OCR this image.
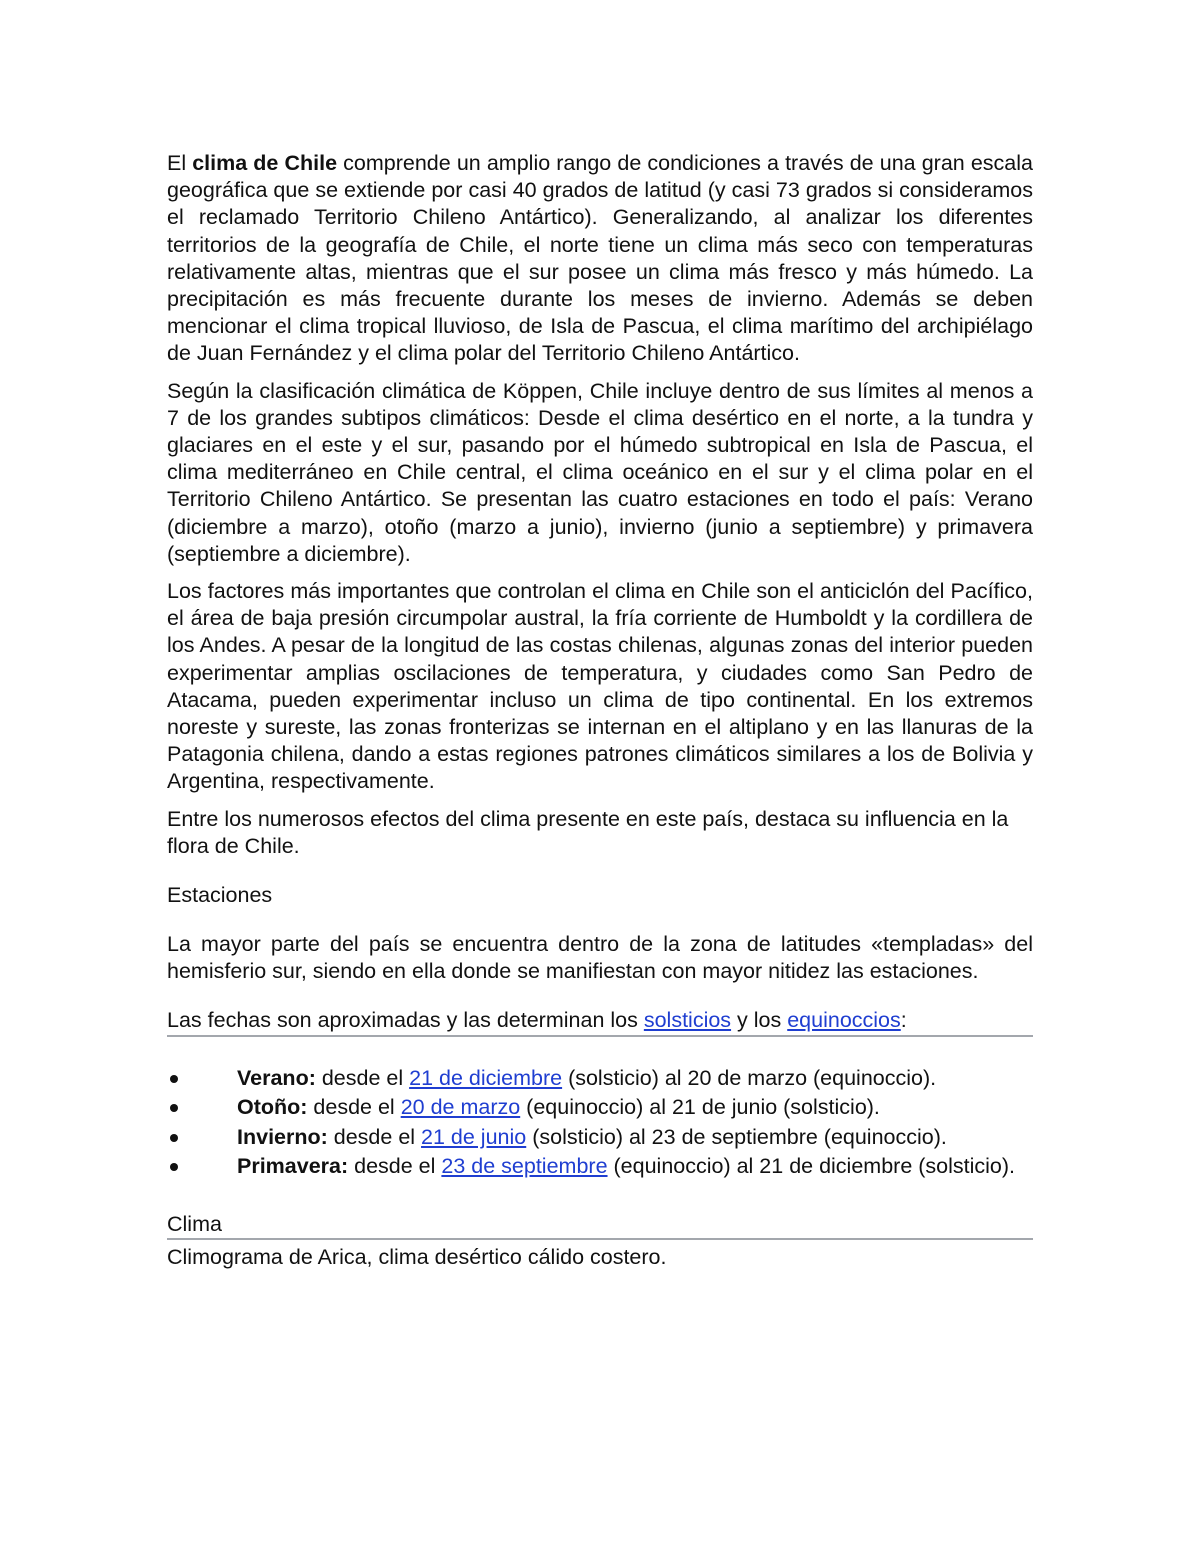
El clima de Chile comprende un amplio rango de condiciones a través de una gran escala geográfica que se extiende por casi 40 grados de latitud (y casi 73 grados si consideramos el reclamado Territorio Chileno Antártico). Generalizando, al analizar los diferentes territorios de la geografía de Chile, el norte tiene un clima más seco con temperaturas relativamente altas, mientras que el sur posee un clima más fresco y más húmedo. La precipitación es más frecuente durante los meses de invierno. Además se deben mencionar el clima tropical lluvioso, de Isla de Pascua, el clima marítimo del archipiélago de Juan Fernández y el clima polar del Territorio Chileno Antártico.

Según la clasificación climática de Köppen, Chile incluye dentro de sus límites al menos a 7 de los grandes subtipos climáticos: Desde el clima desértico en el norte, a la tundra y glaciares en el este y el sur, pasando por el húmedo subtropical en Isla de Pascua, el clima mediterráneo en Chile central, el clima oceánico en el sur y el clima polar en el Territorio Chileno Antártico. Se presentan las cuatro estaciones en todo el país: Verano (diciembre a marzo), otoño (marzo a junio), invierno (junio a septiembre) y primavera (septiembre a diciembre).

Los factores más importantes que controlan el clima en Chile son el anticiclón del Pacífico, el área de baja presión circumpolar austral, la fría corriente de Humboldt y la cordillera de los Andes. A pesar de la longitud de las costas chilenas, algunas zonas del interior pueden experimentar amplias oscilaciones de temperatura, y ciudades como San Pedro de Atacama, pueden experimentar incluso un clima de tipo continental. En los extremos noreste y sureste, las zonas fronterizas se internan en el altiplano y en las llanuras de la Patagonia chilena, dando a estas regiones patrones climáticos similares a los de Bolivia y Argentina, respectivamente.

Entre los numerosos efectos del clima presente en este país, destaca su influencia en la flora de Chile.

Estaciones

La mayor parte del país se encuentra dentro de la zona de latitudes «templadas» del hemisferio sur, siendo en ella donde se manifiestan con mayor nitidez las estaciones.

Las fechas son aproximadas y las determinan los solsticios y los equinoccios:

Verano: desde el 21 de diciembre (solsticio) al 20 de marzo (equinoccio).
Otoño: desde el 20 de marzo (equinoccio) al 21 de junio (solsticio).
Invierno: desde el 21 de junio (solsticio) al 23 de septiembre (equinoccio).
Primavera: desde el 23 de septiembre (equinoccio) al 21 de diciembre (solsticio).

Clima

Climograma de Arica, clima desértico cálido costero.
